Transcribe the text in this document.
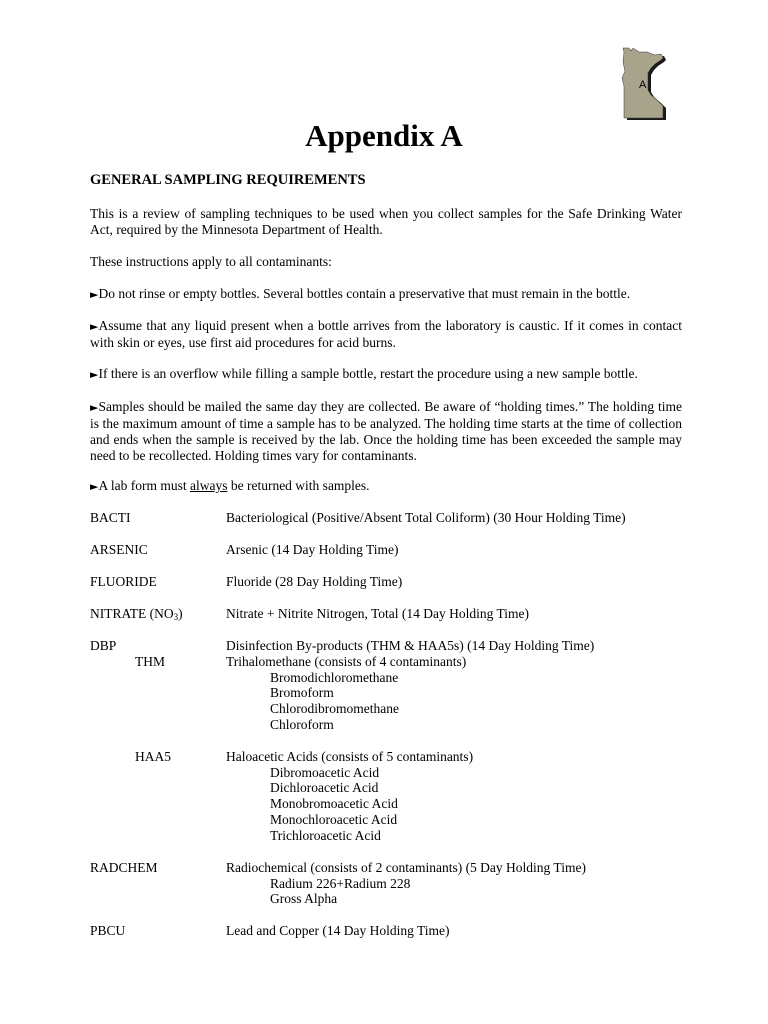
A
Appendix A
GENERAL SAMPLING REQUIREMENTS

This is a review of sampling techniques to be used when you collect samples for the Safe Drinking Water Act, required by the Minnesota Department of Health.

These instructions apply to all contaminants:

►Do not rinse or empty bottles. Several bottles contain a preservative that must remain in the bottle.

►Assume that any liquid present when a bottle arrives from the laboratory is caustic. If it comes in contact with skin or eyes, use first aid procedures for acid burns.

►If there is an overflow while filling a sample bottle, restart the procedure using a new sample bottle.

►Samples should be mailed the same day they are collected. Be aware of “holding times.” The holding time is the maximum amount of time a sample has to be analyzed. The holding time starts at the time of collection and ends when the sample is received by the lab. Once the holding time has been exceeded the sample may need to be recollected. Holding times vary for contaminants.

►A lab form must always be returned with samples.

BACTI	Bacteriological (Positive/Absent Total Coliform) (30 Hour Holding Time)
ARSENIC	Arsenic (14 Day Holding Time)
FLUORIDE	Fluoride (28 Day Holding Time)
NITRATE $(NO_3)$	Nitrate + Nitrite Nitrogen, Total (14 Day Holding Time)
DBP	Disinfection By-products (THM & HAA5s) (14 Day Holding Time)
THM	Trihalomethane (consists of 4 contaminants)
Bromodichloromethane
Bromoform
Chlorodibromomethane
Chloroform
HAA5	Haloacetic Acids (consists of 5 contaminants)
Dibromoacetic Acid
Dichloroacetic Acid
Monobromoacetic Acid
Monochloroacetic Acid
Trichloroacetic Acid
RADCHEM	Radiochemical (consists of 2 contaminants) (5 Day Holding Time)
Radium 226+Radium 228
Gross Alpha
PBCU	Lead and Copper (14 Day Holding Time)
